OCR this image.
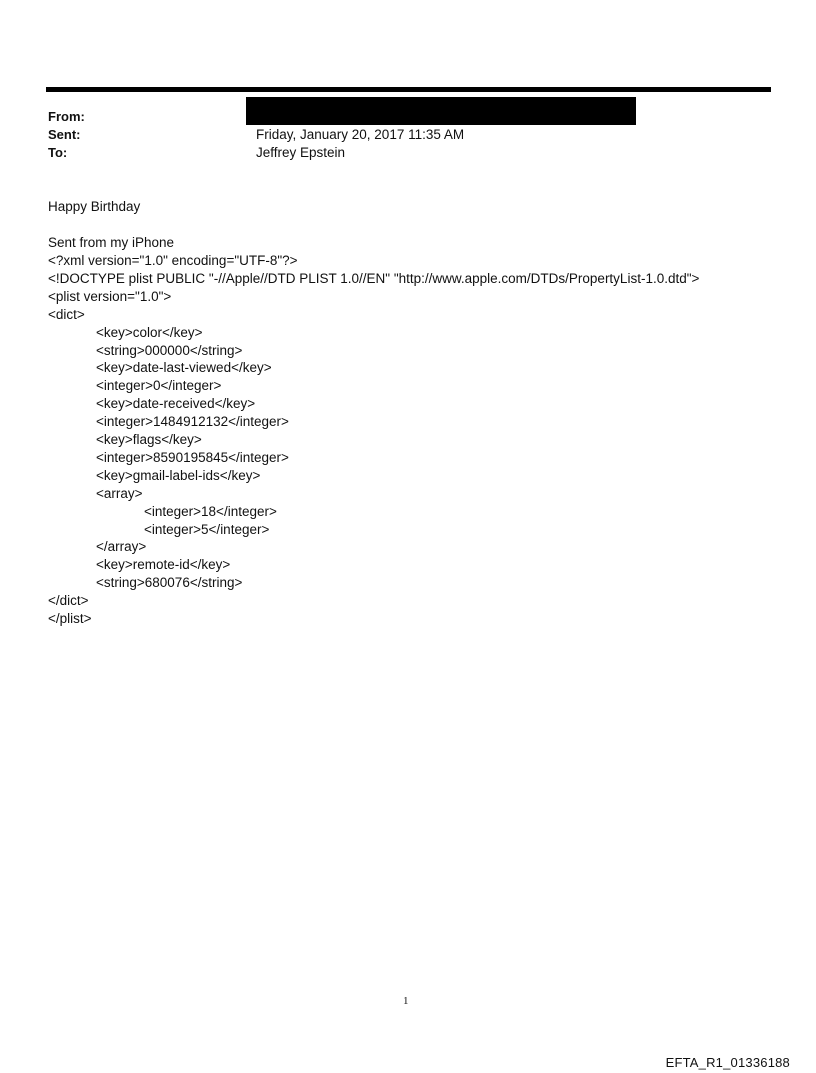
From:
Sent:	Friday, January 20, 2017 11:35 AM
To:	Jeffrey Epstein
Happy Birthday
Sent from my iPhone
<?xml version="1.0" encoding="UTF-8"?>
<!DOCTYPE plist PUBLIC "-//Apple//DTD PLIST 1.0//EN" "http://www.apple.com/DTDs/PropertyList-1.0.dtd">
<plist version="1.0">
<dict>
<key>color</key>
<string>000000</string>
<key>date-last-viewed</key>
<integer>0</integer>
<key>date-received</key>
<integer>1484912132</integer>
<key>flags</key>
<integer>8590195845</integer>
<key>gmail-label-ids</key>
<array>
<integer>18</integer>
<integer>5</integer>
</array>
<key>remote-id</key>
<string>680076</string>
</dict>
</plist>
1
EFTA_R1_01336188
